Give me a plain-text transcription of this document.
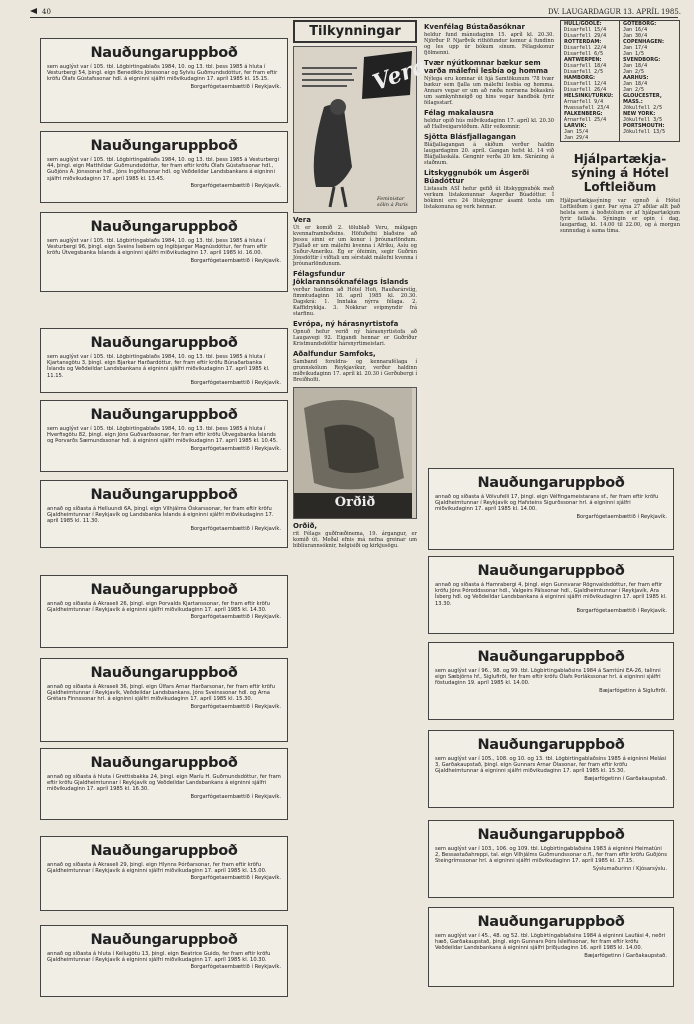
40	DV. LAUGARDAGUR 13. APRÍL 1985.
Nauðungaruppboð
sem auglýst var í 105. tbl. Lögbirtingablaðs 1984, 10. og 13. tbl. þess 1985 á hluta í Vesturbergi 54, þingl. eign Benedikts Jónssonar og Sylviu Guðmundsdóttur, fer fram eftir kröfu Ólafs Gústafssonar hdl. á eigninni sjálfri miðvikudaginn 17. apríl 1985 kl. 15.15.
Borgarfógetaembættið í Reykjavík.
Nauðungaruppboð
sem auglýst var í 105. tbl. Lögbirtingablaðs 1984, 10. og 13. tbl. þess 1985 á Vesturbergi 44, þingl. eign Matthildar Guðmundsdóttur, fer fram eftir kröfu Ólafs Gústafssonar hdl., Guðjóns Á. Jónssonar hdl., Jóns Ingólfssonar hdl. og Veðdeildar Landsbankans á eigninni sjálfri miðvikudaginn 17. apríl 1985 kl. 13.45.
Borgarfógetaembættið í Reykjavík.
Nauðungaruppboð
sem auglýst var í 105. tbl. Lögbirtingablaðs 1984, 10. og 13. tbl. þess 1985 á hluta í Vesturbergi 96, þingl. eign Sveins Ísebern og Ingibjargar Magnúsdóttur, fer fram eftir kröfu Útvegsbanka Íslands á eigninni sjálfri miðvikudaginn 17. apríl 1985 kl. 16.00.
Borgarfógetaembættið í Reykjavík.
Nauðungaruppboð
sem auglýst var í 105. tbl. Lögbirtingablaðs 1984, 10. og 13. tbl. þess 1985 á hluta í Kjartansgötu 3, þingl. eign Bjarkar Harðardóttur, fer fram eftir kröfu Búnaðarbanka Íslands og Veðdeildar Landsbankans á eigninni sjálfri miðvikudaginn 17. apríl 1985 kl. 11.15.
Borgarfógetaembættið í Reykjavík.
Nauðungaruppboð
sem auglýst var í 105. tbl. Lögbirtingablaðs 1984, 10. og 13. tbl. þess 1985 á hluta í Hverfisgötu 82, þingl. eign Jóns Guðvarðssonar, fer fram eftir kröfu Útvegsbanka Íslands og Þorvarðs Sæmundssonar hdl. á eigninni sjálfri miðvikudaginn 17. apríl 1985 kl. 10.45.
Borgarfógetaembættið í Reykjavík.
Nauðungaruppboð
annað og síðasta á Helluundi 6A, þingl. eign Vilhjálms Óskarssonar, fer fram eftir kröfu Gjaldheimtunnar í Reykjavík og Landsbanka Íslands á eigninni sjálfri miðvikudaginn 17. apríl 1985 kl. 11.30.
Borgarfógetaembættið í Reykjavík.
Nauðungaruppboð
annað og síðasta á Akraseli 26, þingl. eign Þorvalds Kjartanssonar, fer fram eftir kröfu Gjaldheimtunnar í Reykjavík á eigninni sjálfri miðvikudaginn 17. apríl 1985 kl. 14.30.
Borgarfógetaembættið í Reykjavík.
Nauðungaruppboð
annað og síðasta á Akraseli 36, þingl. eign Úlfars Arnar Harðarsonar, fer fram eftir kröfu Gjaldheimtunnar í Reykjavík, Veðdeildar Landsbankans, Jóns Sveinssonar hdl. og Arna Grétars Finnssonar hrl. á eigninni sjálfri miðvikudaginn 17. apríl 1985 kl. 15.30.
Borgarfógetaembættið í Reykjavík.
Nauðungaruppboð
annað og síðasta á hluta í Grettisbakka 24, þingl. eign Maríu H. Guðmundsdóttur, fer fram eftir kröfu Gjaldheimtunnar í Reykjavík og Veðdeildar Landsbankans á eigninni sjálfri miðvikudaginn 17. apríl 1985 kl. 16.30.
Borgarfógetaembættið í Reykjavík.
Nauðungaruppboð
annað og síðasta á Akraseli 29, þingl. eign Hlynns Þórðarsonar, fer fram eftir kröfu Gjaldheimtunnar í Reykjavík á eigninni sjálfri miðvikudaginn 17. apríl 1985 kl. 15.00.
Borgarfógetaembættið í Reykjavík.
Nauðungaruppboð
annað og síðasta á hluta í Keilugötu 13, þingl. eign Beatrice Guido, fer fram eftir kröfu Gjaldheimtunnar í Reykjavík á eigninni sjálfri miðvikudaginn 17. apríl 1985 kl. 10.30.
Borgarfógetaembættið í Reykjavík.
Tilkynningar
Vera
Feministar sölin á París
Vera
Út er komið 2. tölublað Veru, málgagn kvennaframboðsins. Höfuðefni blaðsins að þessu sinni er um konur í þróunarlöndum. Fjallað er um málefni kvenna í Afríku, Asíu og Suður-Ameríku. Ég er ófeimin, segir Guðrún Jónsdóttir í viðtali um sérstakt málefni kvenna í þróunarlöndunum.
Félagsfundur Jöklarannsóknafélags Íslands
verður haldinn að Hótel Hofi, Rauðarárstíg, fimmtudaginn 18. apríl 1985 kl. 20.30. Dagskrá: 1. Inntaka nýrra félaga. 2. Kaffidrykkja. 3. Nokkrar svipmyndir frá starfinu.
Evrópa, ný hárasnyrtistofa
Opnuð hefur verið ný hárasnyrtistofa að Laugavegi 92. Eigandi hennar er Guðríður Kristmundsdóttir hársnyrtimeistari.
Aðalfundur Samfoks,
Samband foreldra- og kennarafélaga í grunnskólum Reykjavíkur, verður haldinn miðvikudaginn 17. apríl kl. 20.30 í Gerðubergi í Breiðholti.
Orðið
Orðið,
rit Félags guðfræðinema, 19. árgangur, er komið út. Meðal efnis má nefna greinar um biblíurannsóknir, helgisiði og kirkjusögu.
Kvenfélag Bústaðasóknar
heldur fund mánudaginn 15. apríl kl. 20.30. Njörður P. Njarðvík rithöfundur kemur á fundinn og les upp úr bókum sínum. Félagskonur fjölmenni.
Tvær nýútkomnar bækur sem varða málefni lesbía og homma
Nýlega eru komnar út hjá Samtökunum '78 tvær bækur sem fjalla um málefni lesbía og homma. Annars vegar er um að ræða norræna bókaskrá um samkynhneigð og hins vegar handbók fyrir félagsstarf.
Félag makalausra
heldur opið hús miðvikudaginn 17. apríl kl. 20.30 að Hallveigarstöðum. Allir velkomnir.
Sjötta Blásfjallagangan
Bláfjallagangan á skíðum verður haldin laugardaginn 20. apríl. Gangan hefst kl. 14 við Bláfjallaskála. Gengnir verða 20 km. Skráning á staðnum.
Litskyggnubók um Ásgerði Búadóttur
Listasafn ASÍ hefur gefið út litskyggnubók með verkum listakonunnar Ásgerðar Búadóttur. Í bókinni eru 24 litskyggnur ásamt texta um listakonuna og verk hennar.
HULL/GOOLE:
Disarfell 15/4
Disarfell 29/4
ROTTERDAM:
Disarfell 22/4
Disarfell 6/5
ANTWERPEN:
Disarfell 18/4
Disarfell 2/5
HAMBORG:
Disarfell 12/4
Disarfell 26/4
HELSINKI/TURKU:
Arnarfell 9/4
Hvassafell 23/4
FALKENBERG:
Arnarfell 25/4
LARVIK:
Jan 15/4
Jan 29/4
GÖTEBORG:
Jan 16/4
Jan 30/4
COPENHAGEN:
Jan 17/4
Jan 1/5
SVENDBORG:
Jan 18/4
Jan 2/5
AARHUS:
Jan 18/4
Jan 2/5
GLOUCESTER, MASS.:
Jökulfell 2/5
NEW YORK:
Jökulfell 3/5
PORTSMOUTH:
Jökulfell 13/5
Hjálpartækja-sýning á Hótel Loftleiðum
Hjálpartækjasýning var opnuð á Hótel Loftleiðum í gær. Þar sýna 27 aðilar allt það helsta sem á boðstólum er af hjálpartækjum fyrir fatlaða. Sýningin er opin í dag, laugardag, kl. 14.00 til 22.00, og á morgun sunnudag á sama tíma.
Nauðungaruppboð
annað og síðasta á Völvufelli 17, þingl. eign Vélfingameistarans sf., fer fram eftir kröfu Gjaldheimtunnar í Reykjavík og Hafsteins Sigurðssonar hrl. á eigninni sjálfri miðvikudaginn 17. apríl 1985 kl. 14.00.
Borgarfógetaembættið í Reykjavík.
Nauðungaruppboð
annað og síðasta á Hamrabergi 4, þingl. eign Gunnvarar Rögnvaldsdóttur, fer fram eftir kröfu Jóns Þóroddssonar hdl., Valgeirs Pálssonar hdl., Gjaldheimtunnar í Reykjavík, Ara Ísberg hdl. og Veðdeildar Landsbankans á eigninni sjálfri miðvikudaginn 17. apríl 1985 kl. 13.30.
Borgarfógetaembættið í Reykjavík.
Nauðungaruppboð
sem auglýst var í 96., 98. og 99. tbl. Lögbirtingablaðsins 1984 á Samtúni EA-26, talinni eign Sæbjörns hf., Siglufirði, fer fram eftir kröfu Ólafs Þorlákssonar hrl. á eigninni sjálfri föstudaginn 19. apríl 1985 kl. 14.00.
Bæjarfógetinn á Siglufirði.
Nauðungaruppboð
sem auglýst var í 105., 108. og 10. og 13. tbl. Lögbirtingablaðsins 1985 á eigninni Melási 3, Garðakaupstað, þingl. eign Gunnars Arnar Ólasonar, fer fram eftir kröfu Gjaldheimtunnar á eigninni sjálfri miðvikudaginn 17. apríl 1985 kl. 15.30.
Bæjarfógetinn í Garðakaupstað.
Nauðungaruppboð
sem auglýst var í 103., 106. og 109. tbl. Lögbirtingablaðsins 1983 á eigninni Heimatúni 2, Bessastaðahreppi, tal. eign Vilhjálms Guðmundssonar o.fl., fer fram eftir kröfu Guðjóns Steingrímssonar hrl. á eigninni sjálfri miðvikudaginn 17. apríl 1985 kl. 17.15.
Sýslumaðurinn í Kjósarsýslu.
Nauðungaruppboð
sem auglýst var í 45., 48. og 52. tbl. Lögbirtingablaðsins 1984 á eigninni Laufási 4, neðri hæð, Garðakaupstað, þingl. eign Gunnars Þórs Ísleifssonar, fer fram eftir kröfu Veðdeildar Landsbankans á eigninni sjálfri þriðjudaginn 16. apríl 1985 kl. 14.00.
Bæjarfógetinn í Garðakaupstað.
